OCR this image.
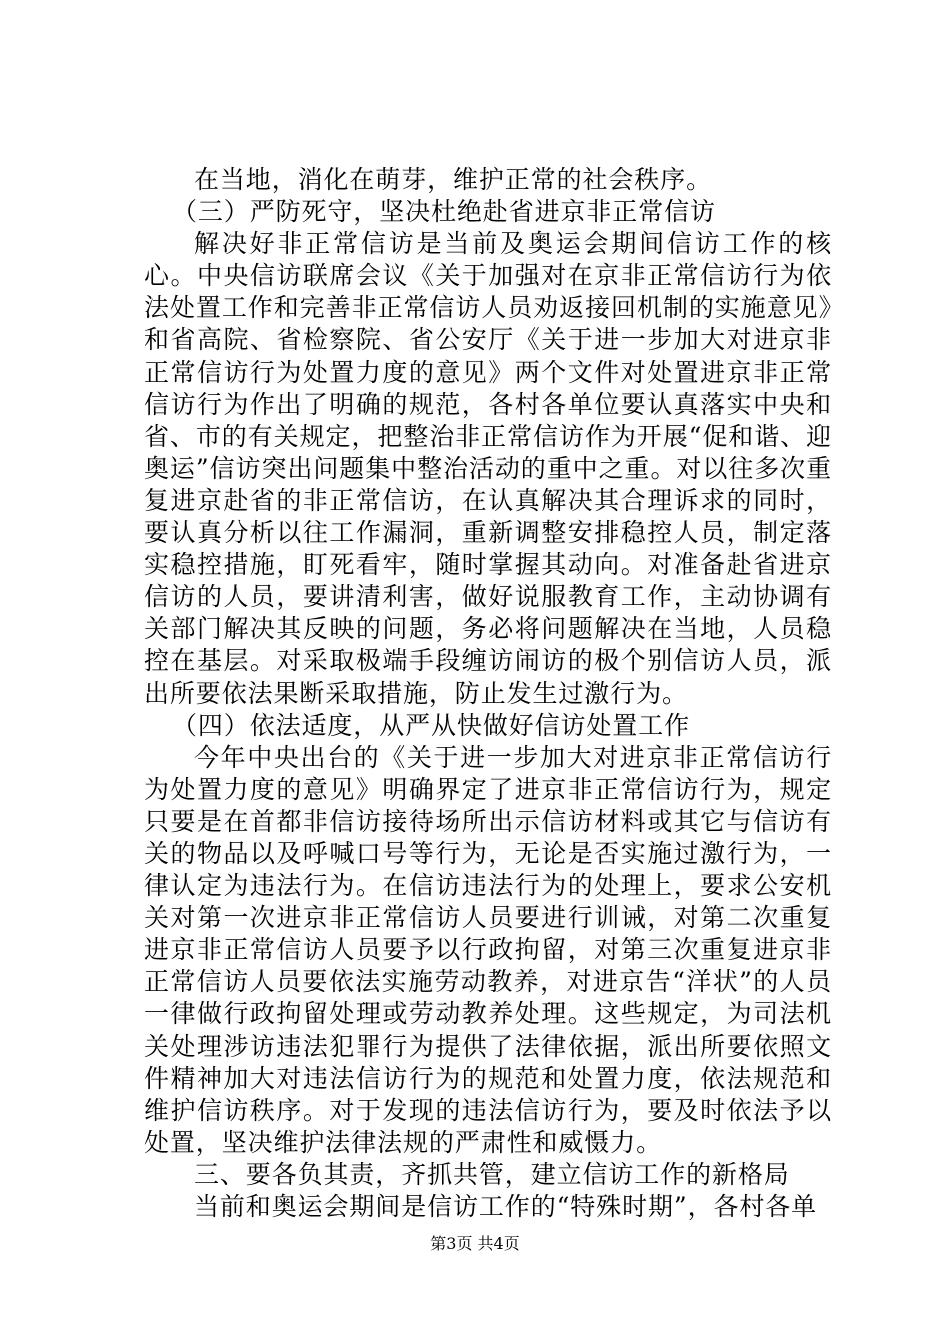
在当地，消化在萌芽，维护正常的社会秩序。

（三）严防死守，坚决杜绝赴省进京非正常信访

解决好非正常信访是当前及奥运会期间信访工作的核心。中央信访联席会议《关于加强对在京非正常信访行为依法处置工作和完善非正常信访人员劝返接回机制的实施意见》和省高院、省检察院、省公安厅《关于进一步加大对进京非正常信访行为处置力度的意见》两个文件对处置进京非正常信访行为作出了明确的规范，各村各单位要认真落实中央和省、市的有关规定，把整治非正常信访作为开展“促和谐、迎奥运”信访突出问题集中整治活动的重中之重。对以往多次重复进京赴省的非正常信访，在认真解决其合理诉求的同时，要认真分析以往工作漏洞，重新调整安排稳控人员，制定落实稳控措施，盯死看牢，随时掌握其动向。对准备赴省进京信访的人员，要讲清利害，做好说服教育工作，主动协调有关部门解决其反映的问题，务必将问题解决在当地，人员稳控在基层。对采取极端手段缠访闹访的极个别信访人员，派出所要依法果断采取措施，防止发生过激行为。

（四）依法适度，从严从快做好信访处置工作

今年中央出台的《关于进一步加大对进京非正常信访行为处置力度的意见》明确界定了进京非正常信访行为，规定只要是在首都非信访接待场所出示信访材料或其它与信访有关的物品以及呼喊口号等行为，无论是否实施过激行为，一律认定为违法行为。在信访违法行为的处理上，要求公安机关对第一次进京非正常信访人员要进行训诫，对第二次重复进京非正常信访人员要予以行政拘留，对第三次重复进京非正常信访人员要依法实施劳动教养，对进京告“洋状”的人员一律做行政拘留处理或劳动教养处理。这些规定，为司法机关处理涉访违法犯罪行为提供了法律依据，派出所要依照文件精神加大对违法信访行为的规范和处置力度，依法规范和维护信访秩序。对于发现的违法信访行为，要及时依法予以处置，坚决维护法律法规的严肃性和威慑力。

三、要各负其责，齐抓共管，建立信访工作的新格局

当前和奥运会期间是信访工作的“特殊时期”，各村各单

第3页 共4页
